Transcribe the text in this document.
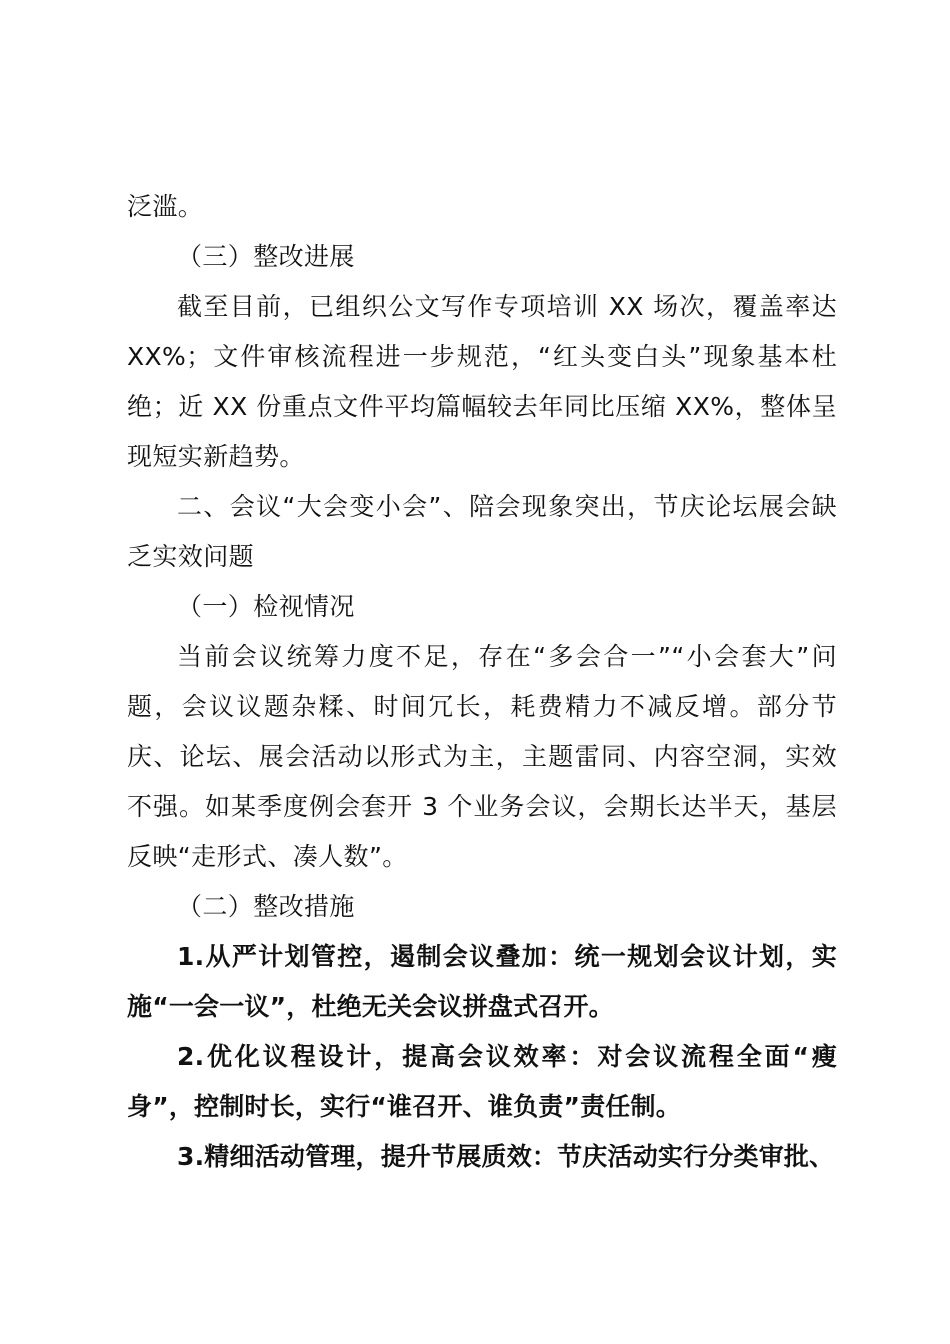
泛滥。

（三）整改进展

截至目前，已组织公文写作专项培训 XX 场次，覆盖率达 XX%；文件审核流程进一步规范，“红头变白头”现象基本杜绝；近 XX 份重点文件平均篇幅较去年同比压缩 XX%，整体呈现短实新趋势。

二、会议“大会变小会”、陪会现象突出，节庆论坛展会缺乏实效问题

（一）检视情况

当前会议统筹力度不足，存在“多会合一”“小会套大”问题，会议议题杂糅、时间冗长，耗费精力不减反增。部分节庆、论坛、展会活动以形式为主，主题雷同、内容空洞，实效不强。如某季度例会套开 3 个业务会议，会期长达半天，基层反映“走形式、凑人数”。

（二）整改措施

1.从严计划管控，遏制会议叠加：统一规划会议计划，实施“一会一议”，杜绝无关会议拼盘式召开。

2.优化议程设计，提高会议效率：对会议流程全面“瘦身”，控制时长，实行“谁召开、谁负责”责任制。

3.精细活动管理，提升节展质效：节庆活动实行分类审批、
